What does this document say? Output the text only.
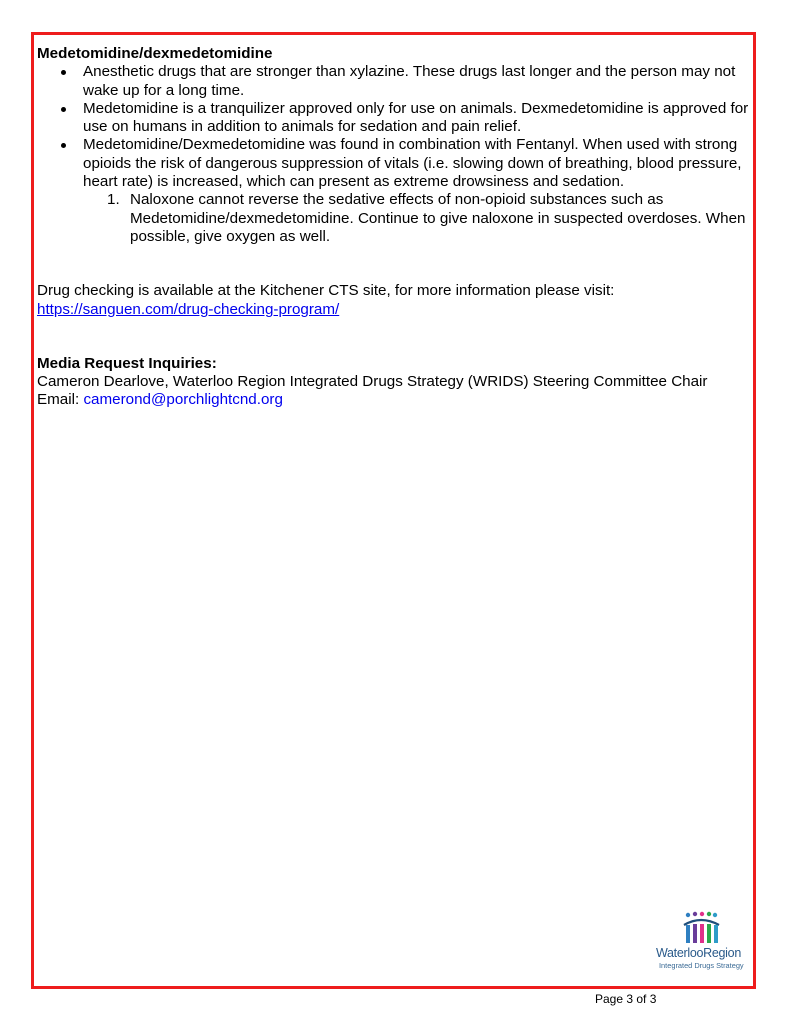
Medetomidine/dexmedetomidine
Anesthetic drugs that are stronger than xylazine. These drugs last longer and the person may not wake up for a long time.
Medetomidine is a tranquilizer approved only for use on animals. Dexmedetomidine is approved for use on humans in addition to animals for sedation and pain relief.
Medetomidine/Dexmedetomidine was found in combination with Fentanyl. When used with strong opioids the risk of dangerous suppression of vitals (i.e. slowing down of breathing, blood pressure, heart rate) is increased, which can present as extreme drowsiness and sedation.
1. Naloxone cannot reverse the sedative effects of non-opioid substances such as Medetomidine/dexmedetomidine. Continue to give naloxone in suspected overdoses. When possible, give oxygen as well.
Drug checking is available at the Kitchener CTS site, for more information please visit:
https://sanguen.com/drug-checking-program/
Media Request Inquiries:
Cameron Dearlove, Waterloo Region Integrated Drugs Strategy (WRIDS) Steering Committee Chair
Email: camerond@porchlightcnd.org
WaterlooRegion
Integrated Drugs Strategy
Page 3 of 3
